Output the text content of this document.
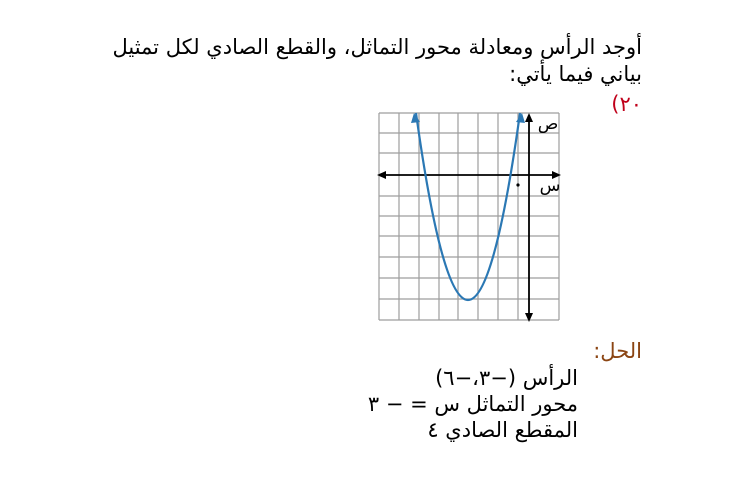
أوجد الرأس ومعادلة محور التماثل، والقطع الصادي لكل تمثيل بياني فيما يأتي:
٢٠)
ص
س
الحل:
الرأس (−٣،−٦)
محور التماثل س = − ٣
المقطع الصادي ٤
